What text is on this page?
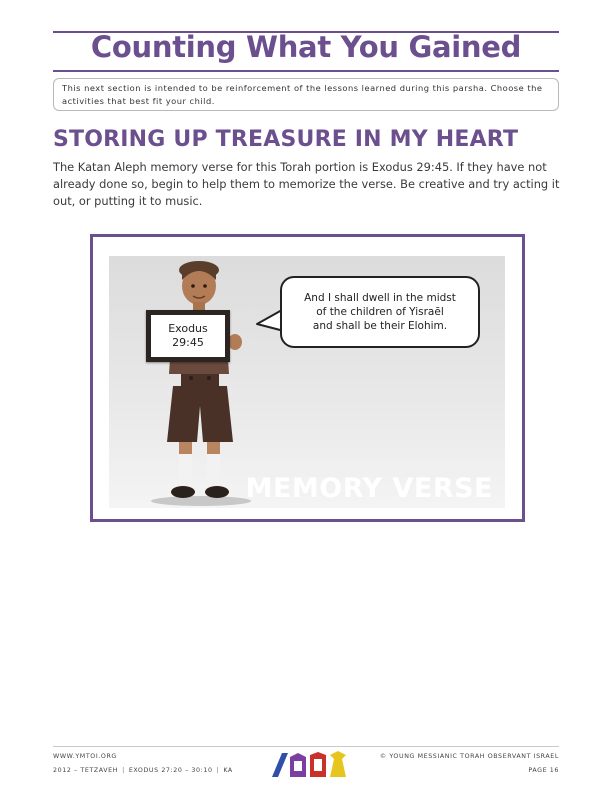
Counting What You Gained
This next section is intended to be reinforcement of the lessons learned during this parsha. Choose the activities that best fit your child.
STORING UP TREASURE IN MY HEART
The Katan Aleph memory verse for this Torah portion is Exodus 29:45. If they have not already done so, begin to help them to memorize the verse. Be creative and try acting it out, or putting it to music.
Exodus
29:45
And I shall dwell in the midst
of the children of Yisraēl
and shall be their Elohim.
MEMORY VERSE
WWW.YMTOI.ORG
2012 – TETZAVEH | EXODUS 27:20 – 30:10 | KA
© YOUNG MESSIANIC TORAH OBSERVANT ISRAEL
PAGE 16
